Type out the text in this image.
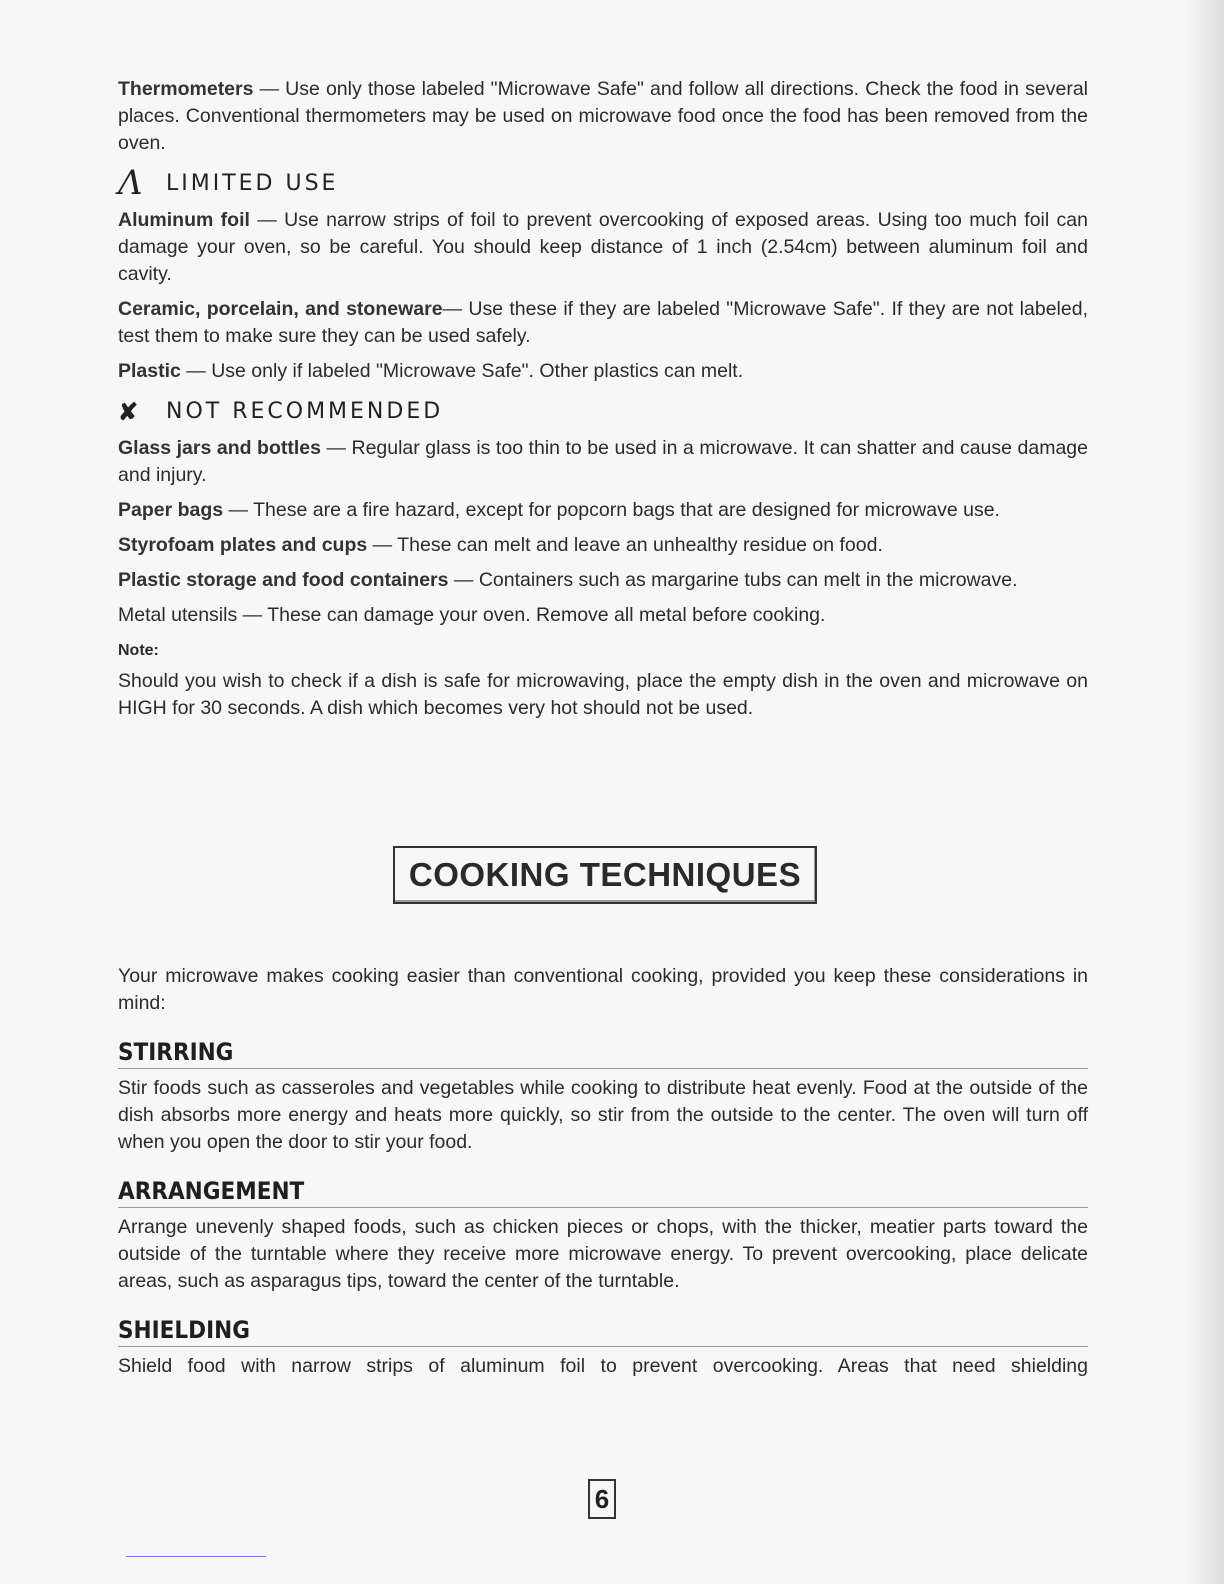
Thermometers — Use only those labeled "Microwave Safe" and follow all directions. Check the food in several places. Conventional thermometers may be used on microwave food once the food has been removed from the oven.

Λ	LIMITED USE

Aluminum foil — Use narrow strips of foil to prevent overcooking of exposed areas. Using too much foil can damage your oven, so be careful. You should keep distance of 1 inch (2.54cm) between aluminum foil and cavity.

Ceramic, porcelain, and stoneware— Use these if they are labeled "Microwave Safe". If they are not labeled, test them to make sure they can be used safely.

Plastic — Use only if labeled "Microwave Safe". Other plastics can melt.

✘	NOT RECOMMENDED

Glass jars and bottles — Regular glass is too thin to be used in a microwave. It can shatter and cause damage and injury.

Paper bags — These are a fire hazard, except for popcorn bags that are designed for microwave use.

Styrofoam plates and cups — These can melt and leave an unhealthy residue on food.

Plastic storage and food containers — Containers such as margarine tubs can melt in the microwave.

Metal utensils — These can damage your oven. Remove all metal before cooking.

Note:

Should you wish to check if a dish is safe for microwaving, place the empty dish in the oven and microwave on HIGH for 30 seconds. A dish which becomes very hot should not be used.

COOKING TECHNIQUES

Your microwave makes cooking easier than conventional cooking, provided you keep these considerations in mind:

STIRRING

Stir foods such as casseroles and vegetables while cooking to distribute heat evenly. Food at the outside of the dish absorbs more energy and heats more quickly, so stir from the outside to the center. The oven will turn off when you open the door to stir your food.

ARRANGEMENT

Arrange unevenly shaped foods, such as chicken pieces or chops, with the thicker, meatier parts toward the outside of the turntable where they receive more microwave energy. To prevent overcooking, place delicate areas, such as asparagus tips, toward the center of the turntable.

SHIELDING

Shield food with narrow strips of aluminum foil to prevent overcooking. Areas that need shielding

6
